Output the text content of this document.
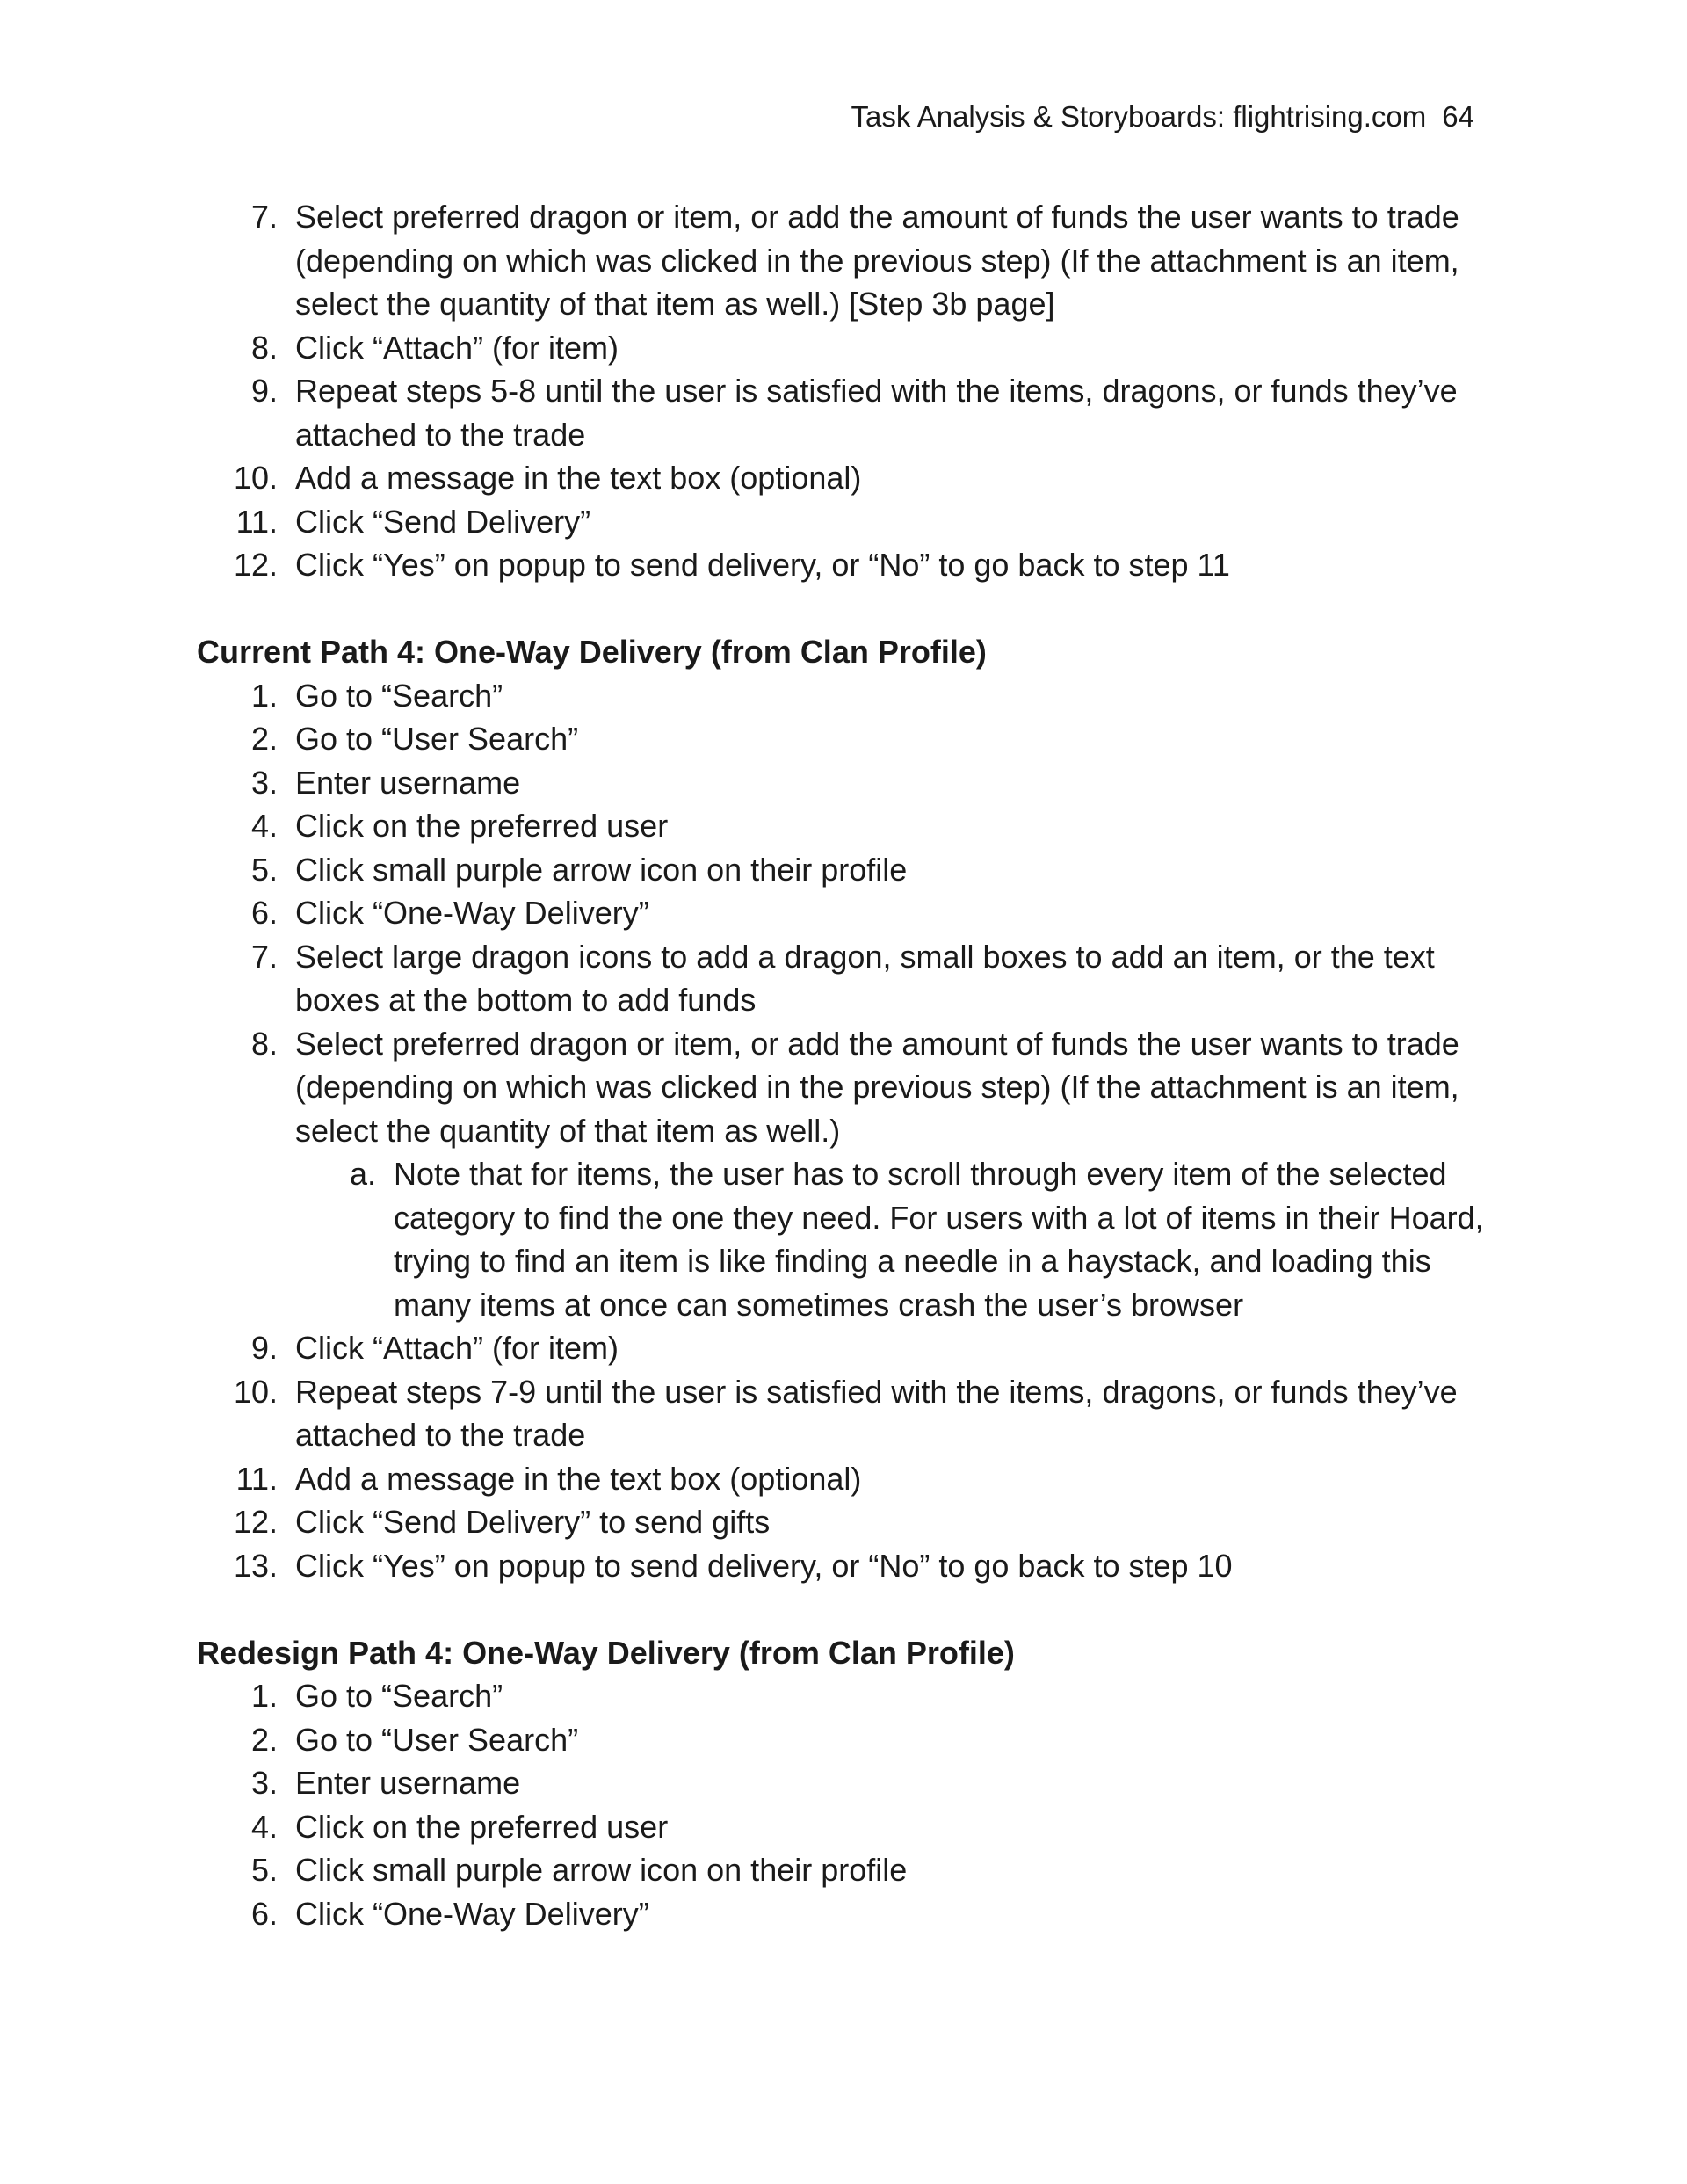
Task Analysis & Storyboards: flightrising.com 64
7. Select preferred dragon or item, or add the amount of funds the user wants to trade (depending on which was clicked in the previous step) (If the attachment is an item, select the quantity of that item as well.) [Step 3b page]
8. Click “Attach” (for item)
9. Repeat steps 5-8 until the user is satisfied with the items, dragons, or funds they’ve attached to the trade
10. Add a message in the text box (optional)
11. Click “Send Delivery”
12. Click “Yes” on popup to send delivery, or “No” to go back to step 11
Current Path 4: One-Way Delivery (from Clan Profile)
1. Go to “Search”
2. Go to “User Search”
3. Enter username
4. Click on the preferred user
5. Click small purple arrow icon on their profile
6. Click “One-Way Delivery”
7. Select large dragon icons to add a dragon, small boxes to add an item, or the text boxes at the bottom to add funds
8. Select preferred dragon or item, or add the amount of funds the user wants to trade (depending on which was clicked in the previous step) (If the attachment is an item, select the quantity of that item as well.)
a. Note that for items, the user has to scroll through every item of the selected category to find the one they need. For users with a lot of items in their Hoard, trying to find an item is like finding a needle in a haystack, and loading this many items at once can sometimes crash the user’s browser
9. Click “Attach” (for item)
10. Repeat steps 7-9 until the user is satisfied with the items, dragons, or funds they’ve attached to the trade
11. Add a message in the text box (optional)
12. Click “Send Delivery” to send gifts
13. Click “Yes” on popup to send delivery, or “No” to go back to step 10
Redesign Path 4: One-Way Delivery (from Clan Profile)
1. Go to “Search”
2. Go to “User Search”
3. Enter username
4. Click on the preferred user
5. Click small purple arrow icon on their profile
6. Click “One-Way Delivery”
